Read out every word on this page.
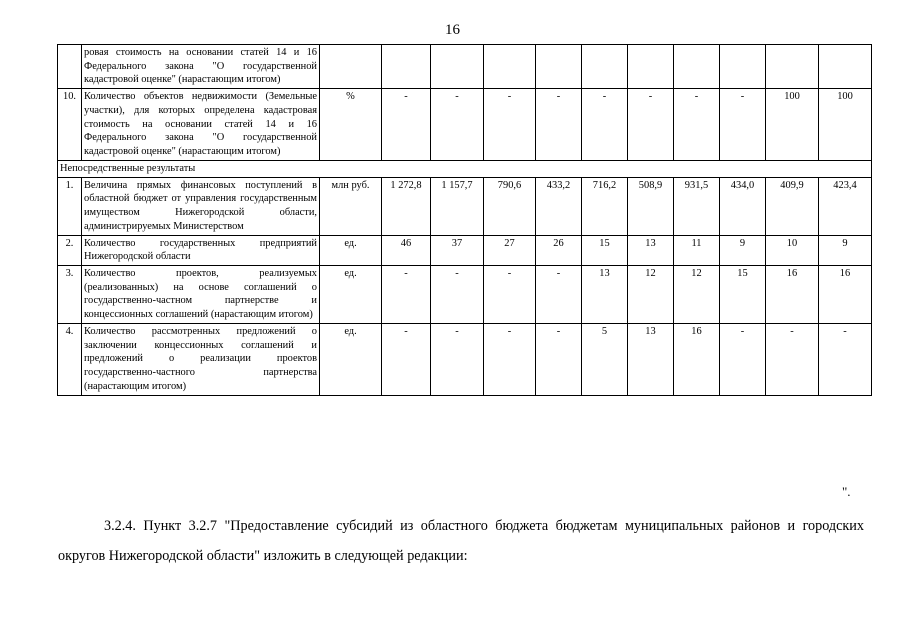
16
	ровая стоимость на основании статей 14 и 16 Федерального закона "О государственной кадастровой оценке" (нарастающим итогом)											
10.	Количество объектов недвижимости (Земельные участки), для которых определена кадастровая стоимость на основании статей 14 и 16 Федерального закона "О государственной кадастровой оценке" (нарастающим итогом)	%	-	-	-	-	-	-	-	-	100	100
Непосредственные результаты												
1.	Величина прямых финансовых поступлений в областной бюджет от управления государственным имуществом Нижегородской области, администрируемых Министерством	млн руб.	1 272,8	1 157,7	790,6	433,2	716,2	508,9	931,5	434,0	409,9	423,4
2.	Количество государственных предприятий Нижегородской области	ед.	46	37	27	26	15	13	11	9	10	9
3.	Количество проектов, реализуемых (реализованных) на основе соглашений о государственно-частном партнерстве и концессионных соглашений (нарастающим итогом)	ед.	-	-	-	-	13	12	12	15	16	16
4.	Количество рассмотренных предложений о заключении концессионных соглашений и предложений о реализации проектов государственно-частного партнерства (нарастающим итогом)	ед.	-	-	-	-	5	13	16	-	-	-
".

3.2.4. Пункт 3.2.7 "Предоставление субсидий из областного бюджета бюджетам муниципальных районов и городских округов Нижегородской области" изложить в следующей редакции:
